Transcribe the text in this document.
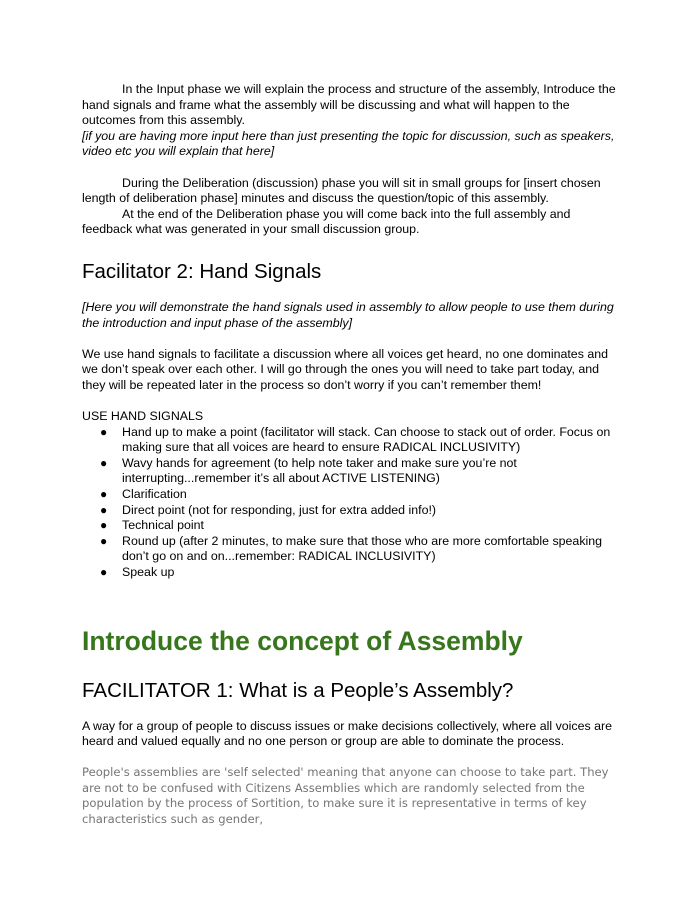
In the Input phase we will explain the process and structure of the assembly, Introduce the hand signals and frame what the assembly will be discussing and what will happen to the outcomes from this assembly.

[if you are having more input here than just presenting the topic for discussion, such as speakers, video etc you will explain that here]

During the Deliberation (discussion) phase you will sit in small groups for [insert chosen length of deliberation phase] minutes and discuss the question/topic of this assembly.

At the end of the Deliberation phase you will come back into the full assembly and feedback what was generated in your small discussion group.

Facilitator 2: Hand Signals

[Here you will demonstrate the hand signals used in assembly to allow people to use them during the introduction and input phase of the assembly]

We use hand signals to facilitate a discussion where all voices get heard, no one dominates and we don’t speak over each other. I will go through the ones you will need to take part today, and they will be repeated later in the process so don’t worry if you can’t remember them!

USE HAND SIGNALS

● Hand up to make a point (facilitator will stack. Can choose to stack out of order. Focus on making sure that all voices are heard to ensure RADICAL INCLUSIVITY)
● Wavy hands for agreement (to help note taker and make sure you’re not interrupting...remember it’s all about ACTIVE LISTENING)
● Clarification
● Direct point (not for responding, just for extra added info!)
● Technical point
● Round up (after 2 minutes, to make sure that those who are more comfortable speaking don’t go on and on...remember: RADICAL INCLUSIVITY)
● Speak up
Introduce the concept of Assembly
FACILITATOR 1: What is a People’s Assembly?

A way for a group of people to discuss issues or make decisions collectively, where all voices are heard and valued equally and no one person or group are able to dominate the process.

People's assemblies are 'self selected' meaning that anyone can choose to take part. They are not to be confused with Citizens Assemblies which are randomly selected from the population by the process of Sortition, to make sure it is representative in terms of key characteristics such as gender,
